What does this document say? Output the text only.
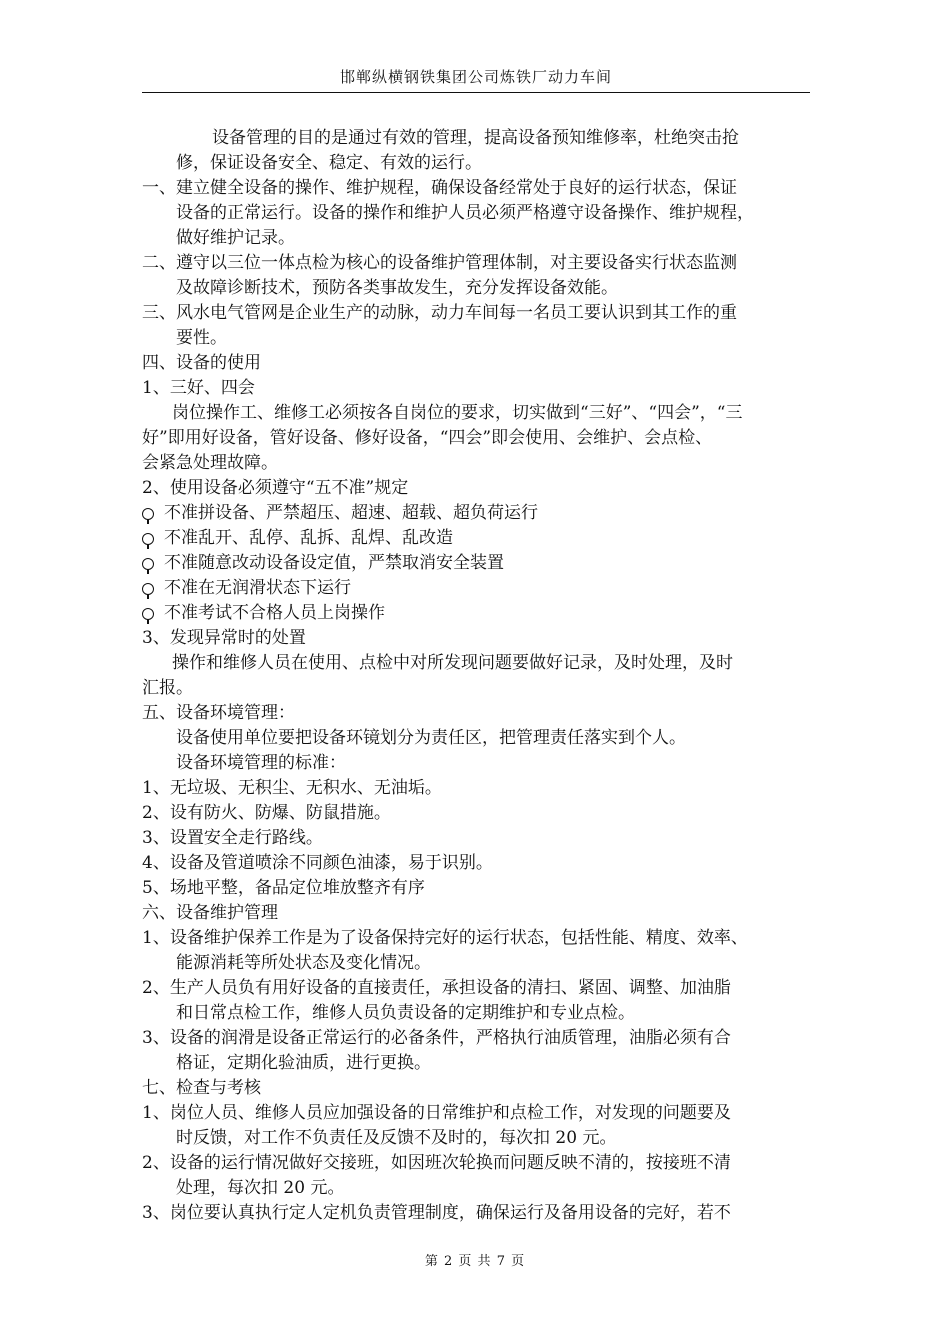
邯郸纵横钢铁集团公司炼铁厂动力车间
设备管理的目的是通过有效的管理，提高设备预知维修率，杜绝突击抢
修，保证设备安全、稳定、有效的运行。
一、建立健全设备的操作、维护规程，确保设备经常处于良好的运行状态，保证
设备的正常运行。设备的操作和维护人员必须严格遵守设备操作、维护规程，
做好维护记录。
二、遵守以三位一体点检为核心的设备维护管理体制，对主要设备实行状态监测
及故障诊断技术，预防各类事故发生，充分发挥设备效能。
三、风水电气管网是企业生产的动脉，动力车间每一名员工要认识到其工作的重
要性。
四、设备的使用
1、三好、四会
岗位操作工、维修工必须按各自岗位的要求，切实做到“三好”、“四会”，“三
好”即用好设备，管好设备、修好设备，“四会”即会使用、会维护、会点检、
会紧急处理故障。
2、使用设备必须遵守“五不准”规定
不准拼设备、严禁超压、超速、超载、超负荷运行
不准乱开、乱停、乱拆、乱焊、乱改造
不准随意改动设备设定值，严禁取消安全装置
不准在无润滑状态下运行
不准考试不合格人员上岗操作
3、发现异常时的处置
操作和维修人员在使用、点检中对所发现问题要做好记录，及时处理，及时
汇报。
五、设备环境管理：
设备使用单位要把设备环镜划分为责任区，把管理责任落实到个人。
设备环境管理的标准：
1、无垃圾、无积尘、无积水、无油垢。
2、设有防火、防爆、防鼠措施。
3、设置安全走行路线。
4、设备及管道喷涂不同颜色油漆，易于识别。
5、场地平整，备品定位堆放整齐有序
六、设备维护管理
1、设备维护保养工作是为了设备保持完好的运行状态，包括性能、精度、效率、
能源消耗等所处状态及变化情况。
2、生产人员负有用好设备的直接责任，承担设备的清扫、紧固、调整、加油脂
和日常点检工作，维修人员负责设备的定期维护和专业点检。
3、设备的润滑是设备正常运行的必备条件，严格执行油质管理，油脂必须有合
格证，定期化验油质，进行更换。
七、检查与考核
1、岗位人员、维修人员应加强设备的日常维护和点检工作，对发现的问题要及
时反馈，对工作不负责任及反馈不及时的，每次扣 20 元。
2、设备的运行情况做好交接班，如因班次轮换而问题反映不清的，按接班不清
处理，每次扣 20 元。
3、岗位要认真执行定人定机负责管理制度，确保运行及备用设备的完好，若不
第 2 页 共 7 页
